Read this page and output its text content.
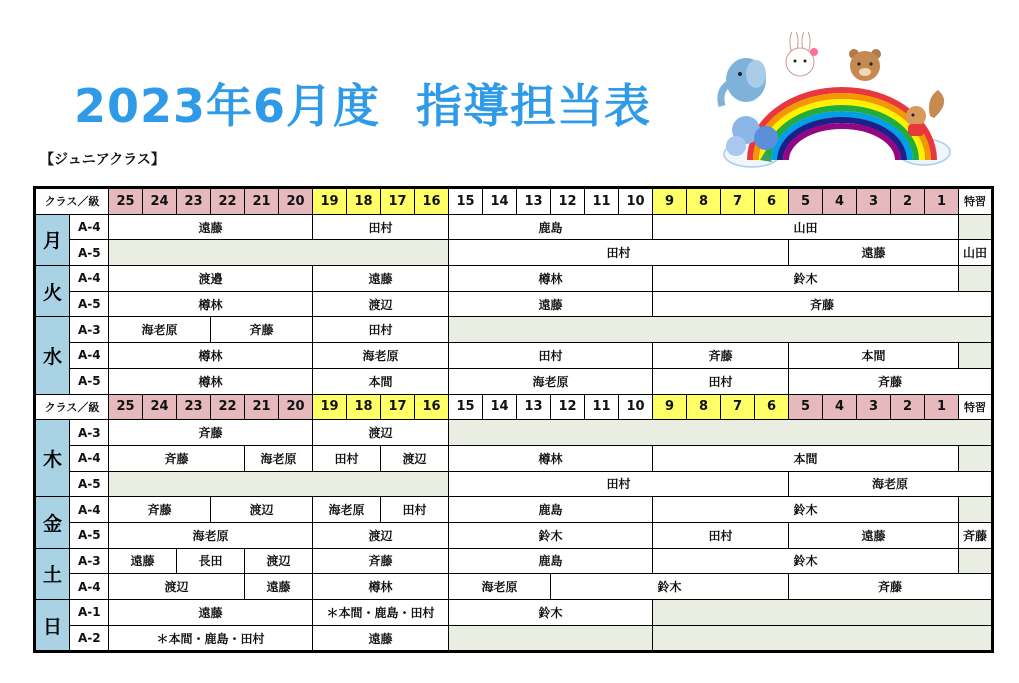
2023年6月度 指導担当表
【ジュニアクラス】
クラス／級		25	24	23	22	21	20	19	18	17	16	15	14	13	12	11	10	9	8	7	6	5	4	3	2	1	特習
月	A-4	遠藤						田村				鹿島						山田									
	A-5											田村										遠藤					山田
火	A-4	渡邉						遠藤				樽林						鈴木									
	A-5	樽林						渡辺				遠藤						斉藤									
水	A-3	海老原			斉藤			田村																			
	A-4	樽林						海老原				田村						斉藤				本間					
	A-5	樽林						本間				海老原						田村				斉藤					
クラス／級		25	24	23	22	21	20	19	18	17	16	15	14	13	12	11	10	9	8	7	6	5	4	3	2	1	特習
木	A-3	斉藤						渡辺																			
	A-4	斉藤				海老原		田村		渡辺		樽林						本間									
	A-5											田村										海老原					
金	A-4	斉藤			渡辺			海老原		田村		鹿島						鈴木									
	A-5	海老原						渡辺				鈴木						田村				遠藤					斉藤
土	A-3	遠藤		長田		渡辺		斉藤				鹿島						鈴木									
	A-4	渡辺				遠藤		樽林				海老原			鈴木							斉藤					
日	A-1	遠藤						＊本間・鹿島・田村				鈴木															
	A-2	＊本間・鹿島・田村						遠藤																			
